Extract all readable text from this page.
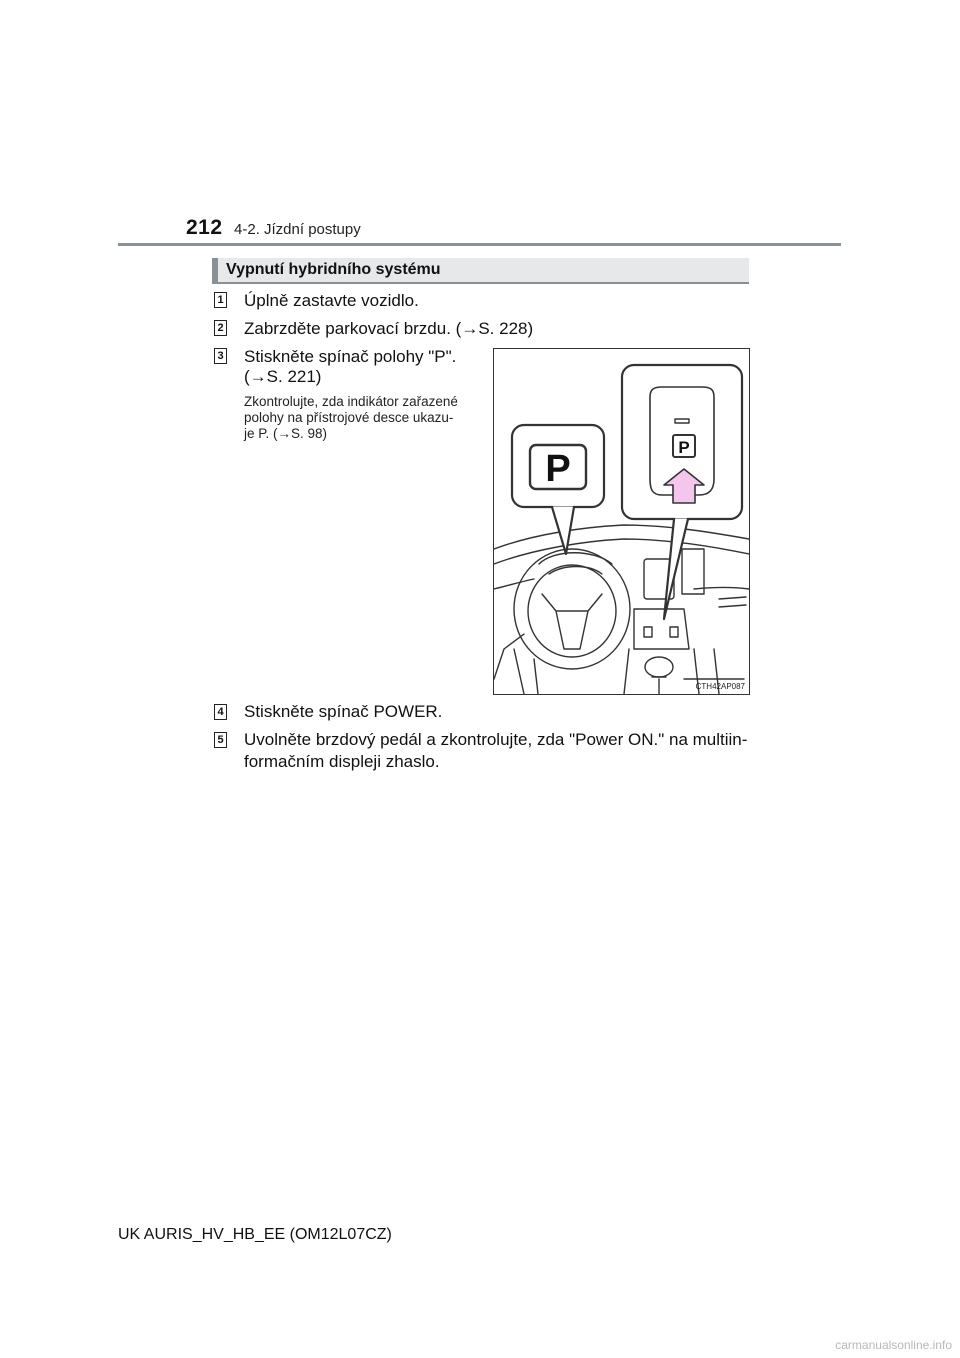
212 4-2. Jízdní postupy
Vypnutí hybridního systému
1 Úplně zastavte vozidlo.
2 Zabrzděte parkovací brzdu. (→S. 228)
3 Stiskněte spínač polohy "P".
(→S. 221)
Zkontrolujte, zda indikátor zařazené
polohy na přístrojové desce ukazu-
je P. (→S. 98)
P
P
CTH42AP087
4 Stiskněte spínač POWER.
5 Uvolněte brzdový pedál a zkontrolujte, zda "Power ON." na multiin-
formačním displeji zhaslo.
UK AURIS_HV_HB_EE (OM12L07CZ)
carmanualsonline.info
